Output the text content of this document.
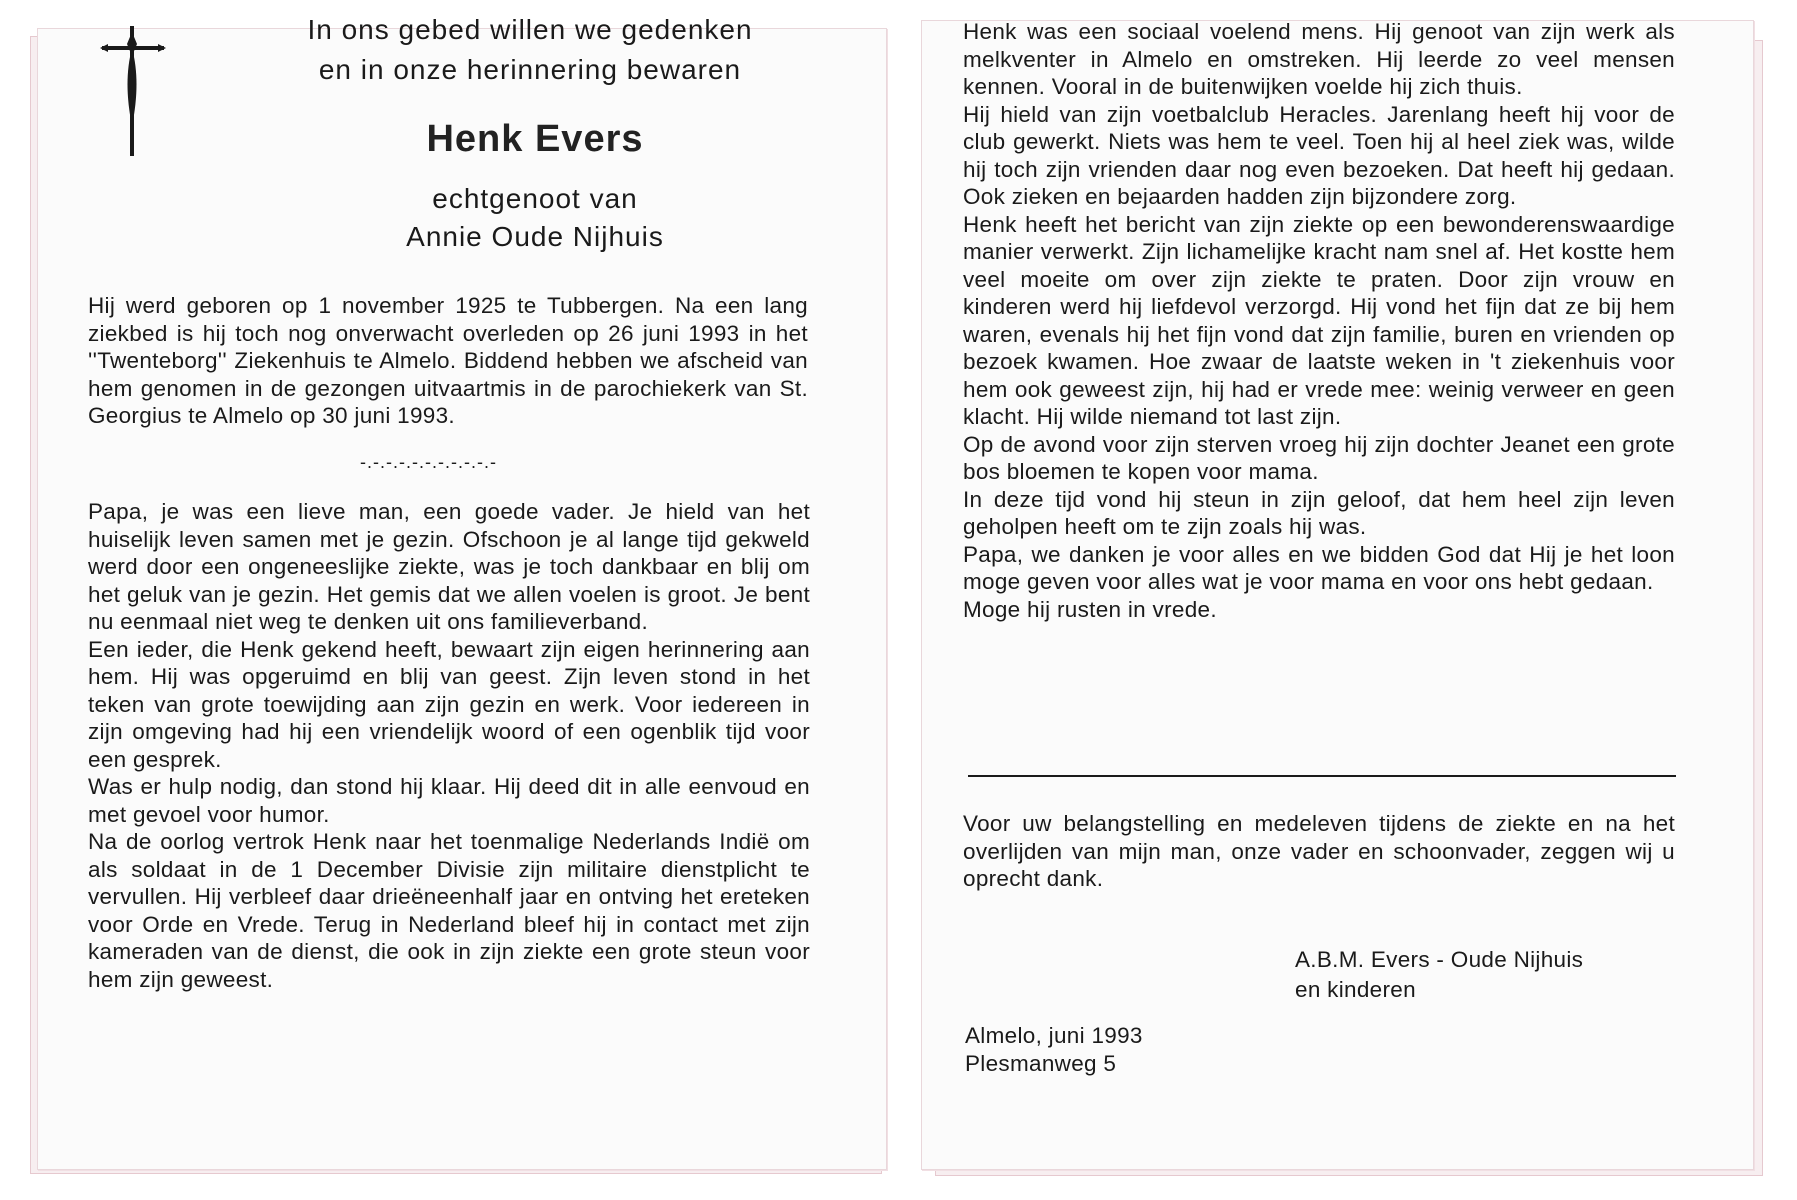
In ons gebed willen we gedenken
en in onze herinnering bewaren
Henk Evers
echtgenoot van
Annie Oude Nijhuis

Hij werd geboren op 1 november 1925 te Tubbergen. Na een lang ziekbed is hij toch nog onverwacht overleden op 26 juni 1993 in het ''Twenteborg'' Ziekenhuis te Almelo. Biddend hebben we afscheid van hem genomen in de gezongen uitvaartmis in de parochiekerk van St. Georgius te Almelo op 30 juni 1993.

-.-.-.-.-.-.-.-.-.-.-

Papa, je was een lieve man, een goede vader. Je hield van het huiselijk leven samen met je gezin. Ofschoon je al lange tijd gekweld werd door een ongeneeslijke ziekte, was je toch dankbaar en blij om het geluk van je gezin. Het gemis dat we allen voelen is groot. Je bent nu eenmaal niet weg te denken uit ons familieverband.

Een ieder, die Henk gekend heeft, bewaart zijn eigen herinnering aan hem. Hij was opgeruimd en blij van geest. Zijn leven stond in het teken van grote toewijding aan zijn gezin en werk. Voor iedereen in zijn omgeving had hij een vriendelijk woord of een ogenblik tijd voor een gesprek.

Was er hulp nodig, dan stond hij klaar. Hij deed dit in alle eenvoud en met gevoel voor humor.

Na de oorlog vertrok Henk naar het toenmalige Nederlands Indië om als soldaat in de 1 December Divisie zijn militaire dienstplicht te vervullen. Hij verbleef daar drieëneenhalf jaar en ontving het ereteken voor Orde en Vrede. Terug in Nederland bleef hij in contact met zijn kameraden van de dienst, die ook in zijn ziekte een grote steun voor hem zijn geweest.

Henk was een sociaal voelend mens. Hij genoot van zijn werk als melkventer in Almelo en omstreken. Hij leerde zo veel mensen kennen. Vooral in de buitenwijken voelde hij zich thuis.

Hij hield van zijn voetbalclub Heracles. Jarenlang heeft hij voor de club gewerkt. Niets was hem te veel. Toen hij al heel ziek was, wilde hij toch zijn vrienden daar nog even bezoeken. Dat heeft hij gedaan. Ook zieken en bejaarden hadden zijn bijzondere zorg.

Henk heeft het bericht van zijn ziekte op een bewonderenswaardige manier verwerkt. Zijn lichamelijke kracht nam snel af. Het kostte hem veel moeite om over zijn ziekte te praten. Door zijn vrouw en kinderen werd hij liefdevol verzorgd. Hij vond het fijn dat ze bij hem waren, evenals hij het fijn vond dat zijn familie, buren en vrienden op bezoek kwamen. Hoe zwaar de laatste weken in 't ziekenhuis voor hem ook geweest zijn, hij had er vrede mee: weinig verweer en geen klacht. Hij wilde niemand tot last zijn.

Op de avond voor zijn sterven vroeg hij zijn dochter Jeanet een grote bos bloemen te kopen voor mama.

In deze tijd vond hij steun in zijn geloof, dat hem heel zijn leven geholpen heeft om te zijn zoals hij was.

Papa, we danken je voor alles en we bidden God dat Hij je het loon moge geven voor alles wat je voor mama en voor ons hebt gedaan.

Moge hij rusten in vrede.

Voor uw belangstelling en medeleven tijdens de ziekte en na het overlijden van mijn man, onze vader en schoonvader, zeggen wij u oprecht dank.

A.B.M. Evers - Oude Nijhuis
en kinderen
Almelo, juni 1993
Plesmanweg 5
